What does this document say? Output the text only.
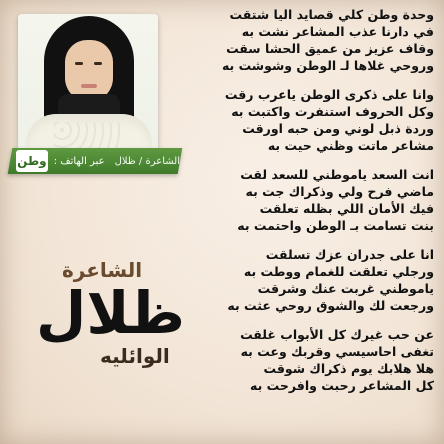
وطن عبر الهاتف : الشاعرة / ظلال
الشاعرة
ظلال
الوائليه
وحدة وطن كلي قصايد اليا شتقت
في دارنا عذب المشاعر نشت به
وقاف عزيز من عميق الحشا سقت
وروحي غلاها لـ الوطن وشوشت به
وانا على ذكرى الوطن ياعرب رقت
وكل الحروف استنفرت واكتبت به
وردة ذبل لوني ومن حبه اورقت
مشاعر ماتت وظني حيت به
انت السعد ياموطني للسعد لقت
ماضي فرح ولي وذكراك جت به
فيك الأمان اللي بظله تعلقت
بنت تسامت بـ الوطن واحتمت به
انا على جدران عزك تسلقت
ورجلي تعلقت للغمام ووطت به
ياموطني غربت عنك وشرقت
ورجعت لك والشوق روحي عثت به
عن حب غيرك كل الأبواب غلقت
تغفى احاسيسي وقربك وعت به
هلا هلابك يوم ذكراك شوقت
كل المشاعر رحبت وافرحت به
